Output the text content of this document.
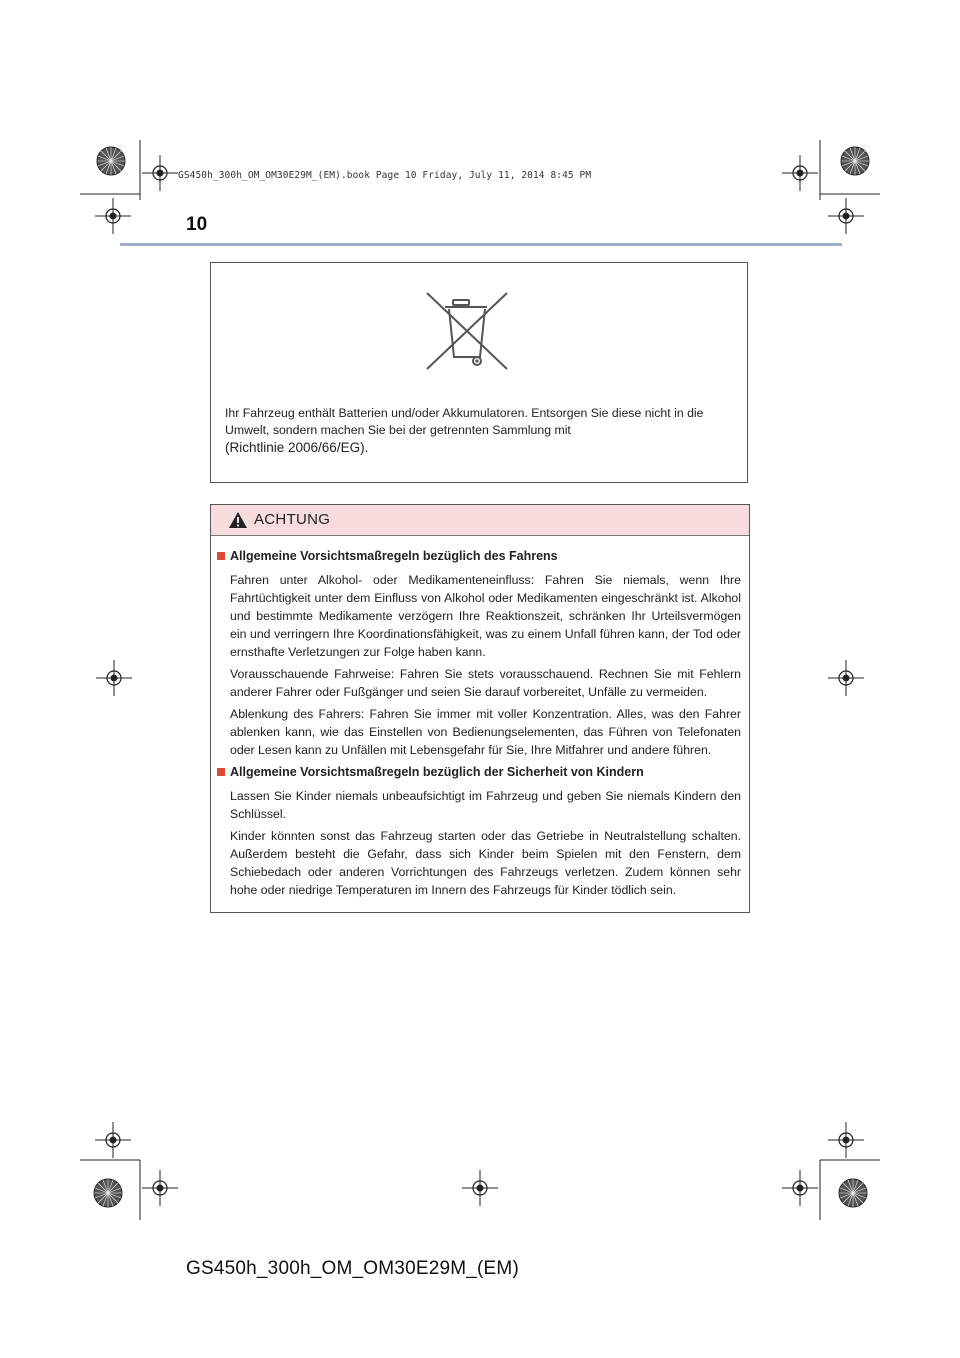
GS450h_300h_OM_OM30E29M_(EM).book Page 10 Friday, July 11, 2014 8:45 PM
10
Ihr Fahrzeug enthält Batterien und/oder Akkumulatoren. Entsorgen Sie diese nicht in die
Umwelt, sondern machen Sie bei der getrennten Sammlung mit
(Richtlinie 2006/66/EG).
ACHTUNG
Allgemeine Vorsichtsmaßregeln bezüglich des Fahrens
Fahren unter Alkohol- oder Medikamenteneinfluss: Fahren Sie niemals, wenn Ihre Fahrtüchtigkeit unter dem Einfluss von Alkohol oder Medikamenten eingeschränkt ist. Alkohol und bestimmte Medikamente verzögern Ihre Reaktionszeit, schränken Ihr Urteilsvermögen ein und verringern Ihre Koordinationsfähigkeit, was zu einem Unfall führen kann, der Tod oder ernsthafte Verletzungen zur Folge haben kann.
Vorausschauende Fahrweise: Fahren Sie stets vorausschauend. Rechnen Sie mit Fehlern anderer Fahrer oder Fußgänger und seien Sie darauf vorbereitet, Unfälle zu vermeiden.
Ablenkung des Fahrers: Fahren Sie immer mit voller Konzentration. Alles, was den Fahrer ablenken kann, wie das Einstellen von Bedienungselementen, das Führen von Telefonaten oder Lesen kann zu Unfällen mit Lebensgefahr für Sie, Ihre Mitfahrer und andere führen.
Allgemeine Vorsichtsmaßregeln bezüglich der Sicherheit von Kindern
Lassen Sie Kinder niemals unbeaufsichtigt im Fahrzeug und geben Sie niemals Kindern den Schlüssel.
Kinder könnten sonst das Fahrzeug starten oder das Getriebe in Neutralstellung schalten. Außerdem besteht die Gefahr, dass sich Kinder beim Spielen mit den Fenstern, dem Schiebedach oder anderen Vorrichtungen des Fahrzeugs verletzen. Zudem können sehr hohe oder niedrige Temperaturen im Innern des Fahrzeugs für Kinder tödlich sein.
GS450h_300h_OM_OM30E29M_(EM)
